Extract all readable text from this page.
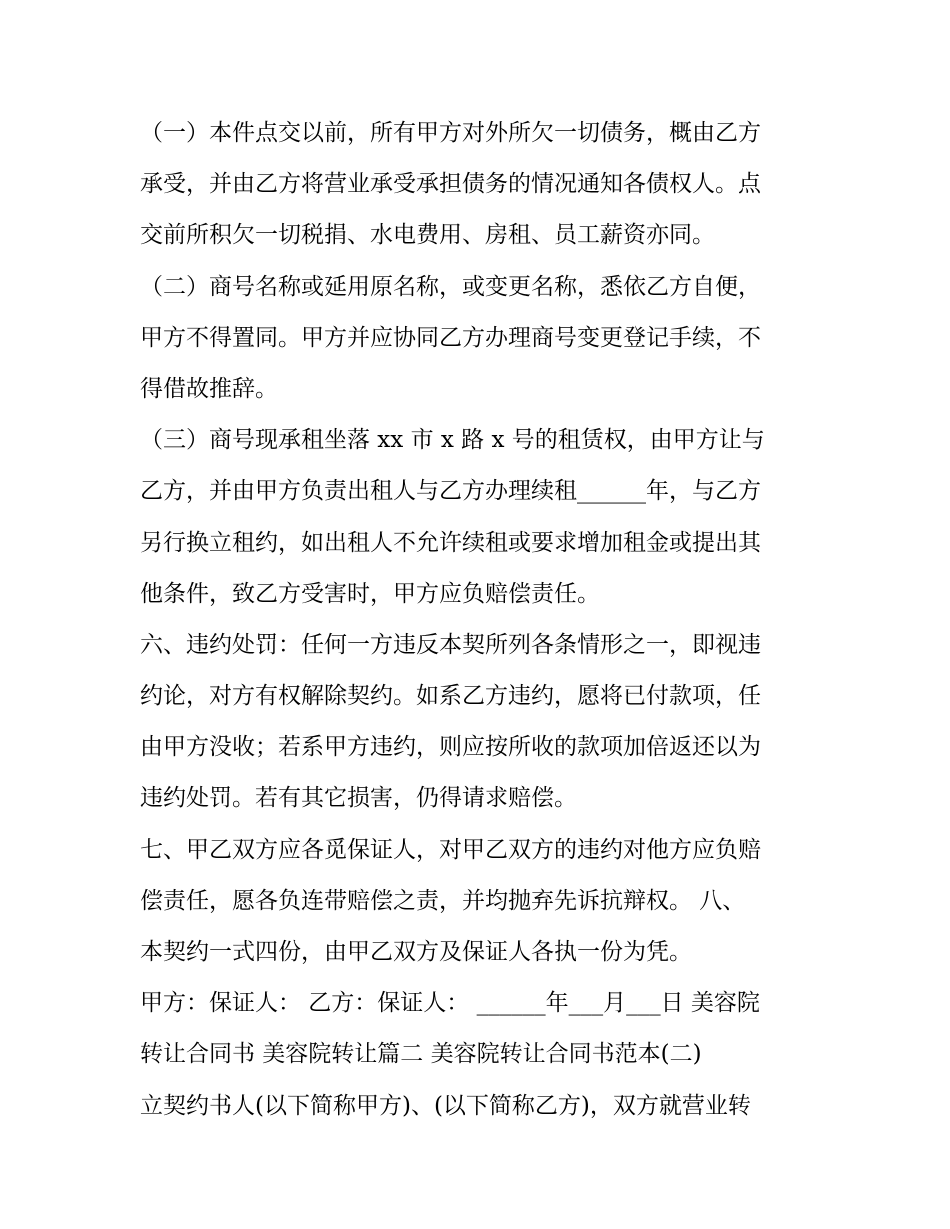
（一）本件点交以前，所有甲方对外所欠一切债务，概由乙方
承受，并由乙方将营业承受承担债务的情况通知各债权人。点
交前所积欠一切税捐、水电费用、房租、员工薪资亦同。
（二）商号名称或延用原名称，或变更名称，悉依乙方自便，
甲方不得置同。甲方并应协同乙方办理商号变更登记手续，不
得借故推辞。
（三）商号现承租坐落 xx 市 x 路 x 号的租赁权，由甲方让与
乙方，并由甲方负责出租人与乙方办理续租______年，与乙方
另行换立租约，如出租人不允许续租或要求增加租金或提出其
他条件，致乙方受害时，甲方应负赔偿责任。
六、违约处罚：任何一方违反本契所列各条情形之一，即视违
约论，对方有权解除契约。如系乙方违约，愿将已付款项，任
由甲方没收；若系甲方违约，则应按所收的款项加倍返还以为
违约处罚。若有其它损害，仍得请求赔偿。
七、甲乙双方应各觅保证人，对甲乙双方的违约对他方应负赔
偿责任，愿各负连带赔偿之责，并均抛弃先诉抗辩权。 八、
本契约一式四份，由甲乙双方及保证人各执一份为凭。
甲方：保证人： 乙方：保证人： ______年___月___日 美容院
转让合同书 美容院转让篇二 美容院转让合同书范本(二)
立契约书人(以下简称甲方)、(以下简称乙方)，双方就营业转
